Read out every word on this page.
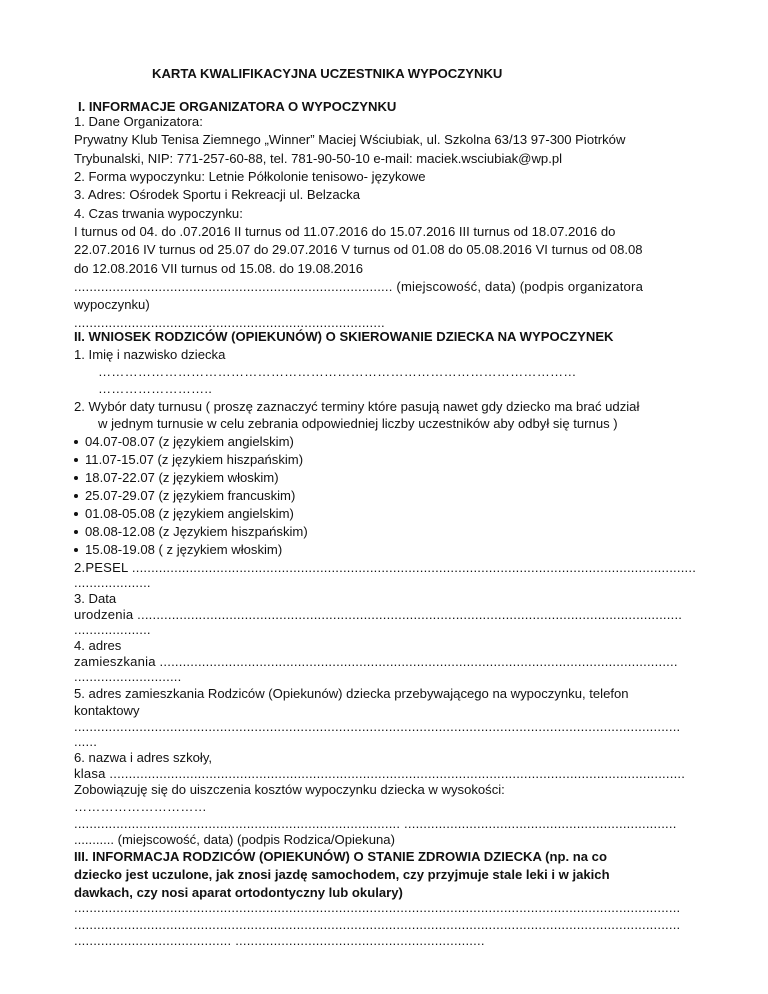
KARTA KWALIFIKACYJNA UCZESTNIKA WYPOCZYNKU
I. INFORMACJE ORGANIZATORA O WYPOCZYNKU
1. Dane Organizatora:
Prywatny Klub Tenisa Ziemnego „Winner” Maciej Wściubiak, ul. Szkolna 63/13 97-300 Piotrków
Trybunalski, NIP: 771-257-60-88, tel. 781-90-50-10 e-mail: maciek.wsciubiak@wp.pl
2. Forma wypoczynku: Letnie Półkolonie tenisowo- językowe
3. Adres: Ośrodek Sportu i Rekreacji ul. Belzacka
4. Czas trwania wypoczynku:
I turnus od 04. do .07.2016 II turnus od 11.07.2016 do 15.07.2016 III turnus od 18.07.2016 do
22.07.2016 IV turnus od 25.07 do 29.07.2016 V turnus od 01.08 do 05.08.2016 VI turnus od 08.08
do 12.08.2016 VII turnus od 15.08. do 19.08.2016
................................................................................... (miejscowość, data) (podpis organizatora
wypoczynku)
.................................................................................
II. WNIOSEK RODZICÓW (OPIEKUNÓW) O SKIEROWANIE DZIECKA NA WYPOCZYNEK
1. Imię i nazwisko dziecka
………………………………………………………………………………………………
……………………..
2. Wybór daty turnusu ( proszę zaznaczyć terminy które pasują nawet gdy dziecko ma brać udział
w jednym turnusie w celu zebrania odpowiedniej liczby uczestników aby odbył się turnus )
04.07-08.07 (z językiem angielskim)
11.07-15.07 (z językiem hiszpańskim)
18.07-22.07 (z językiem włoskim)
25.07-29.07 (z językiem francuskim)
01.08-05.08 (z językiem angielskim)
08.08-12.08 (z Językiem hiszpańskim)
15.08-19.08 ( z językiem włoskim)
2.PESEL ...................................................................................................................................................
....................
3. Data
urodzenia ..............................................................................................................................................
....................
4. adres
zamieszkania .......................................................................................................................................
............................
5. adres zamieszkania Rodziców (Opiekunów) dziecka przebywającego na wypoczynku, telefon
kontaktowy
..............................................................................................................................................................
......
6. nazwa i adres szkoły,
klasa ......................................................................................................................................................
Zobowiązuję się do uiszczenia kosztów wypoczynku dziecka w wysokości:
…………………………
..................................................................................... .......................................................................
........... (miejscowość, data) (podpis Rodzica/Opiekuna)
III. INFORMACJA RODZICÓW (OPIEKUNÓW) O STANIE ZDROWIA DZIECKA (np. na co
dziecko jest uczulone, jak znosi jazdę samochodem, czy przyjmuje stale leki i w jakich
dawkach, czy nosi aparat ortodontyczny lub okulary)
..............................................................................................................................................................
..............................................................................................................................................................
......................................... .................................................................
